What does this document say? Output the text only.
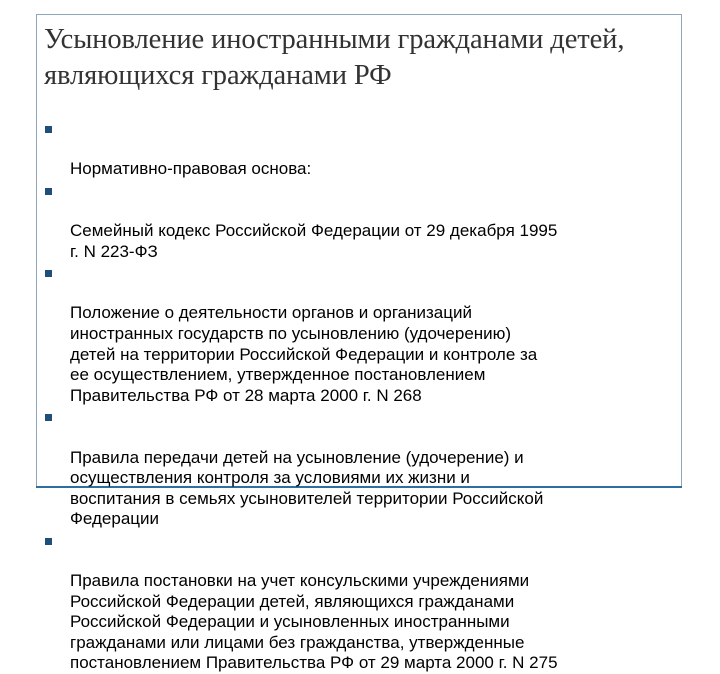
Усыновление иностранными гражданами детей, являющихся гражданами РФ

Нормативно-правовая основа:

Семейный кодекс Российской Федерации от 29 декабря 1995
г. N 223-ФЗ

Положение о деятельности органов и организаций
иностранных государств по усыновлению (удочерению)
детей на территории Российской Федерации и контроле за
ее осуществлением, утвержденное постановлением
Правительства РФ от 28 марта 2000 г. N 268

Правила передачи детей на усыновление (удочерение) и
осуществления контроля за условиями их жизни и
воспитания в семьях усыновителей территории Российской
Федерации

Правила постановки на учет консульскими учреждениями
Российской Федерации детей, являющихся гражданами
Российской Федерации и усыновленных иностранными
гражданами или лицами без гражданства, утвержденные
постановлением Правительства РФ от 29 марта 2000 г. N 275
